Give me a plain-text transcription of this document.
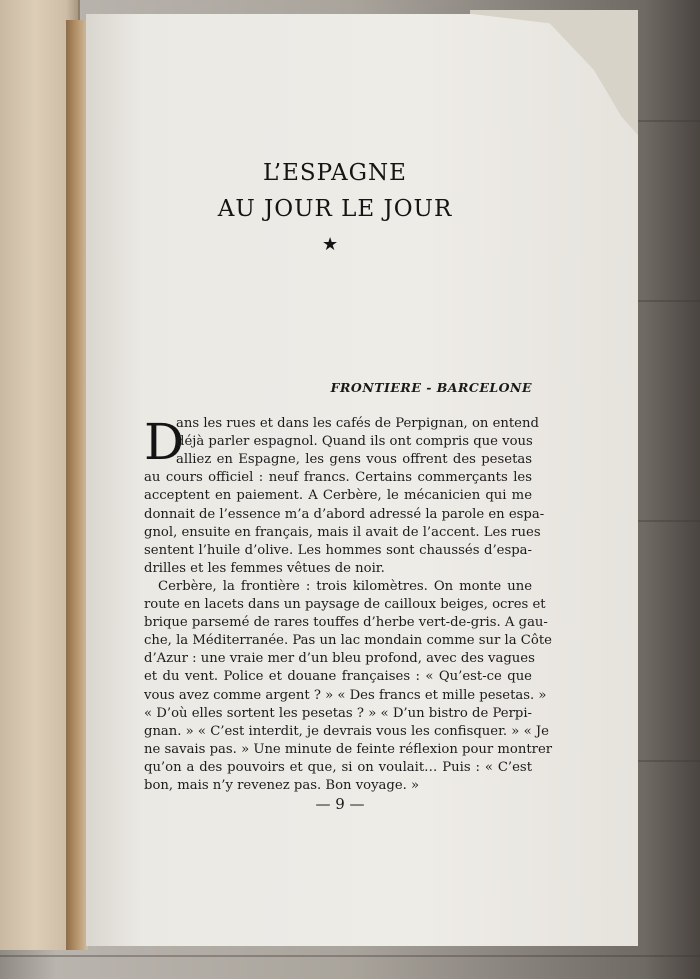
L’ESPAGNE
AU JOUR LE JOUR
★
FRONTIERE - BARCELONE
D
ans les rues et dans les cafés de Perpignan, on entend
déjà parler espagnol. Quand ils ont compris que vous
alliez en Espagne, les gens vous offrent des pesetas
au cours officiel : neuf francs. Certains commerçants les
acceptent en paiement. A Cerbère, le mécanicien qui me
donnait de l’essence m’a d’abord adressé la parole en espa-
gnol, ensuite en français, mais il avait de l’accent. Les rues
sentent l’huile d’olive. Les hommes sont chaussés d’espa-
drilles et les femmes vêtues de noir.
Cerbère, la frontière : trois kilomètres. On monte une
route en lacets dans un paysage de cailloux beiges, ocres et
brique parsemé de rares touffes d’herbe vert-de-gris. A gau-
che, la Méditerranée. Pas un lac mondain comme sur la Côte
d’Azur : une vraie mer d’un bleu profond, avec des vagues
et du vent. Police et douane françaises : « Qu’est-ce que
vous avez comme argent ? » « Des francs et mille pesetas. »
« D’où elles sortent les pesetas ? » « D’un bistro de Perpi-
gnan. » « C’est interdit, je devrais vous les confisquer. » « Je
ne savais pas. » Une minute de feinte réflexion pour montrer
qu’on a des pouvoirs et que, si on voulait… Puis : « C’est
— 9 —
bon, mais n’y revenez pas. Bon voyage. »
